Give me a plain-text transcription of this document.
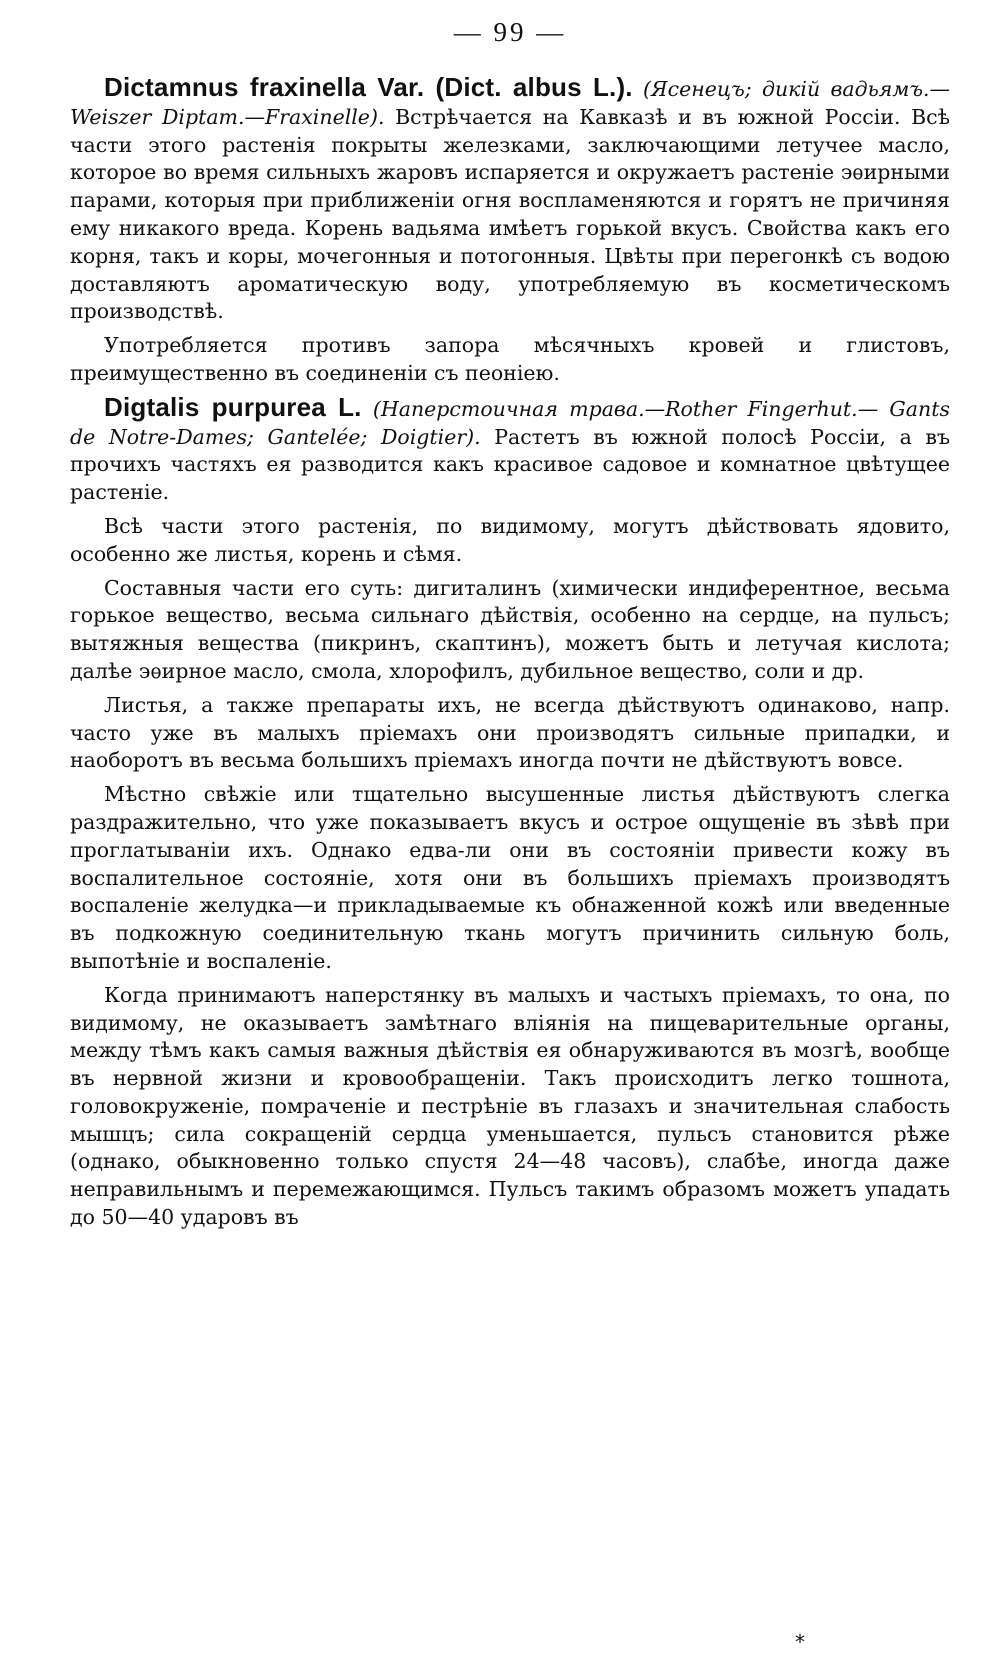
— 99 —

Dictamnus fraxinella Var. (Dict. albus L.). (Ясенецъ; дикій вадьямъ.— Weiszer Diptam.—Fraxinelle). Встрѣчается на Кавказѣ и въ южной Россіи. Всѣ части этого растенія покрыты железками, заключающими летучее масло, которое во время сильныхъ жаровъ испаряется и окружаетъ растеніе эѳирными парами, которыя при приближеніи огня воспламеняются и горятъ не причиняя ему никакого вреда. Корень вадьяма имѣетъ горькой вкусъ. Свойства какъ его корня, такъ и коры, мочегонныя и потогонныя. Цвѣты при перегонкѣ съ водою доставляютъ ароматическую воду, употребляемую въ косметическомъ производствѣ.

Употребляется противъ запора мѣсячныхъ кровей и глистовъ, преимущественно въ соединеніи съ пеоніею.

Digtalis purpurea L. (Наперстоичная трава.—Rother Fingerhut.— Gants de Notre-Dames; Gantelée; Doigtier). Растетъ въ южной полосѣ Россіи, а въ прочихъ частяхъ ея разводится какъ красивое садовое и комнатное цвѣтущее растеніе.

Всѣ части этого растенія, по видимому, могутъ дѣйствовать ядовито, особенно же листья, корень и сѣмя.

Составныя части его суть: дигиталинъ (химически индиферентное, весьма горькое вещество, весьма сильнаго дѣйствія, особенно на сердце, на пульсъ; вытяжныя вещества (пикринъ, скаптинъ), можетъ быть и летучая кислота; далѣе эѳирное масло, смола, хлорофилъ, дубильное вещество, соли и др.

Листья, а также препараты ихъ, не всегда дѣйствуютъ одинаково, напр. часто уже въ малыхъ пріемахъ они производятъ сильные припадки, и наоборотъ въ весьма большихъ пріемахъ иногда почти не дѣйствуютъ вовсе.

Мѣстно свѣжіе или тщательно высушенные листья дѣйствуютъ слегка раздражительно, что уже показываетъ вкусъ и острое ощущеніе въ зѣвѣ при проглатываніи ихъ. Однако едва-ли они въ состояніи привести кожу въ воспалительное состояніе, хотя они въ большихъ пріемахъ производятъ воспаленіе желудка—и прикладываемые къ обнаженной кожѣ или введенные въ подкожную соединительную ткань могутъ причинить сильную боль, выпотѣніе и воспаленіе.

Когда принимаютъ наперстянку въ малыхъ и частыхъ пріемахъ, то она, по видимому, не оказываетъ замѣтнаго вліянія на пищеварительные органы, между тѣмъ какъ самыя важныя дѣйствія ея обнаруживаются въ мозгѣ, вообще въ нервной жизни и кровообращеніи. Такъ происходитъ легко тошнота, головокруженіе, помраченіе и пестрѣніе въ глазахъ и значительная слабость мышцъ; сила сокращеній сердца уменьшается, пульсъ становится рѣже (однако, обыкновенно только спустя 24—48 часовъ), слабѣе, иногда даже неправильнымъ и перемежающимся. Пульсъ такимъ образомъ можетъ упадать до 50—40 ударовъ въ

*
